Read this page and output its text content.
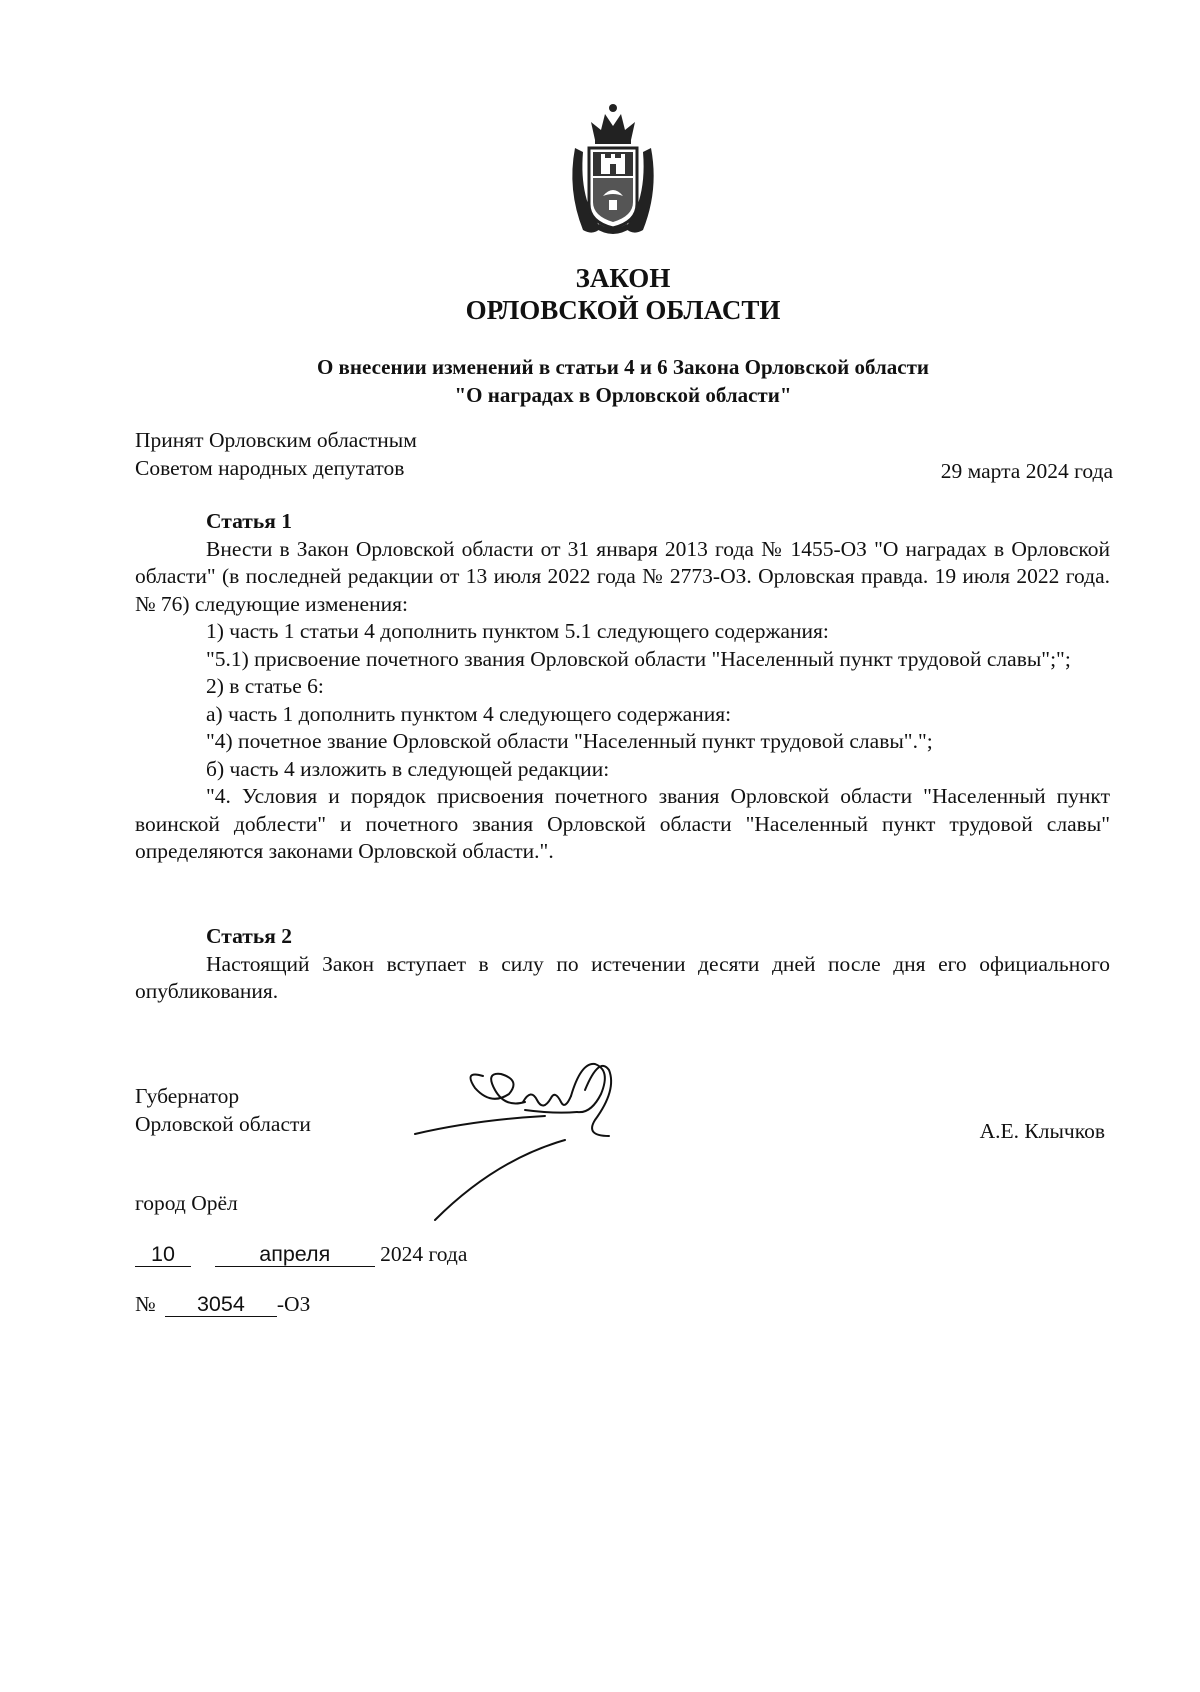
ЗАКОН
ОРЛОВСКОЙ ОБЛАСТИ
О внесении изменений в статьи 4 и 6 Закона Орловской области
"О наградах в Орловской области"
Принят Орловским областным
Советом народных депутатов	29 марта 2024 года

Статья 1

Внести в Закон Орловской области от 31 января 2013 года № 1455-ОЗ "О наградах в Орловской области" (в последней редакции от 13 июля 2022 года № 2773-ОЗ. Орловская правда. 19 июля 2022 года. № 76) следующие изменения:

1) часть 1 статьи 4 дополнить пунктом 5.1 следующего содержания:

"5.1) присвоение почетного звания Орловской области "Населенный пункт трудовой славы";";

2) в статье 6:

а) часть 1 дополнить пунктом 4 следующего содержания:

"4) почетное звание Орловской области "Населенный пункт трудовой славы".";

б) часть 4 изложить в следующей редакции:

"4. Условия и порядок присвоения почетного звания Орловской области "Населенный пункт воинской доблести" и почетного звания Орловской области "Населенный пункт трудовой славы" определяются законами Орловской области.".

Статья 2

Настоящий Закон вступает в силу по истечении десяти дней после дня его официального опубликования.

Губернатор
Орловской области	А.Е. Клычков
город Орёл
10	апреля 2024 года
№ 3054 -ОЗ
